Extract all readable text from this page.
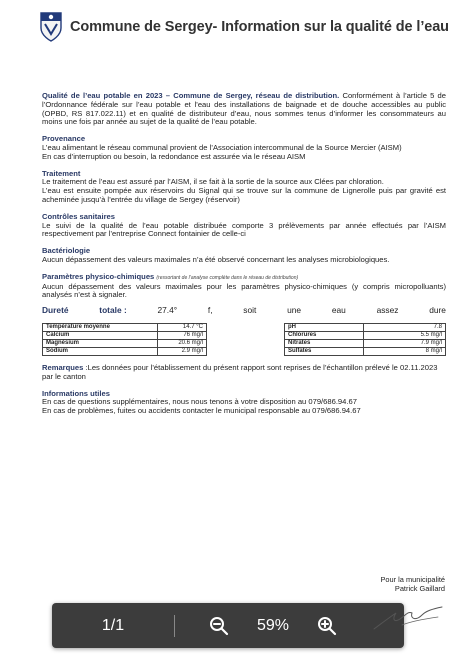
Commune de Sergey- Information sur la qualité de l’eau

Qualité de l’eau potable en 2023 – Commune de Sergey, réseau de distribution. Conformément à l’article 5 de l’Ordonnance fédérale sur l’eau potable et l’eau des installations de baignade et de douche accessibles au public (OPBD, RS 817.022.11) et en qualité de distributeur d’eau, nous sommes tenus d’informer les consommateurs au moins une fois par année au sujet de la qualité de l’eau potable.

Provenance

L’eau alimentant le réseau communal provient de l’Association intercommunal de la Source Mercier (AISM)

En cas d’interruption ou besoin, la redondance est assurée via le réseau AISM

Traitement

Le traitement de l’eau est assuré par l’AISM, il se fait à la sortie de la source aux Clées par chloration.

L’eau est ensuite pompée aux réservoirs du Signal qui se trouve sur la commune de Lignerolle puis par gravité est acheminée jusqu’à l’entrée du village de Sergey (réservoir)

Contrôles sanitaires

Le suivi de la qualité de l’eau potable distribuée comporte 3 prélèvements par année effectués par l’AISM respectivement par l’entreprise Connect fontainier de celle-ci

Bactériologie

Aucun dépassement des valeurs maximales n’a été observé concernant les analyses microbiologiques.

Paramètres physico-chimiques (ressortant de l’analyse complète dans le réseau de distribution)

Aucun dépassement des valeurs maximales pour les paramètres physico-chimiques (y compris micropolluants) analysés n’est à signaler.

Dureté	totale :	27.4°	f,	soit	une	eau	assez	dure
Température moyenne	14.7 °C
Calcium	76 mg/l
Magnésium	20.6 mg/l
Sodium	2.9 mg/l
pH	7.8
Chlorures	5.5 mg/l
Nitrates	7.9 mg/l
Sulfates	8 mg/l

Remarques :Les données pour l’établissement du présent rapport sont reprises de l’échantillon prélevé le 02.11.2023 par le canton

Informations utiles

En cas de questions supplémentaires, nous nous tenons à votre disposition au 079/686.94.67

En cas de problèmes, fuites ou accidents contacter le municipal responsable au 079/686.94.67

Pour la municipalité
Patrick Gaillard
1/1	59%
